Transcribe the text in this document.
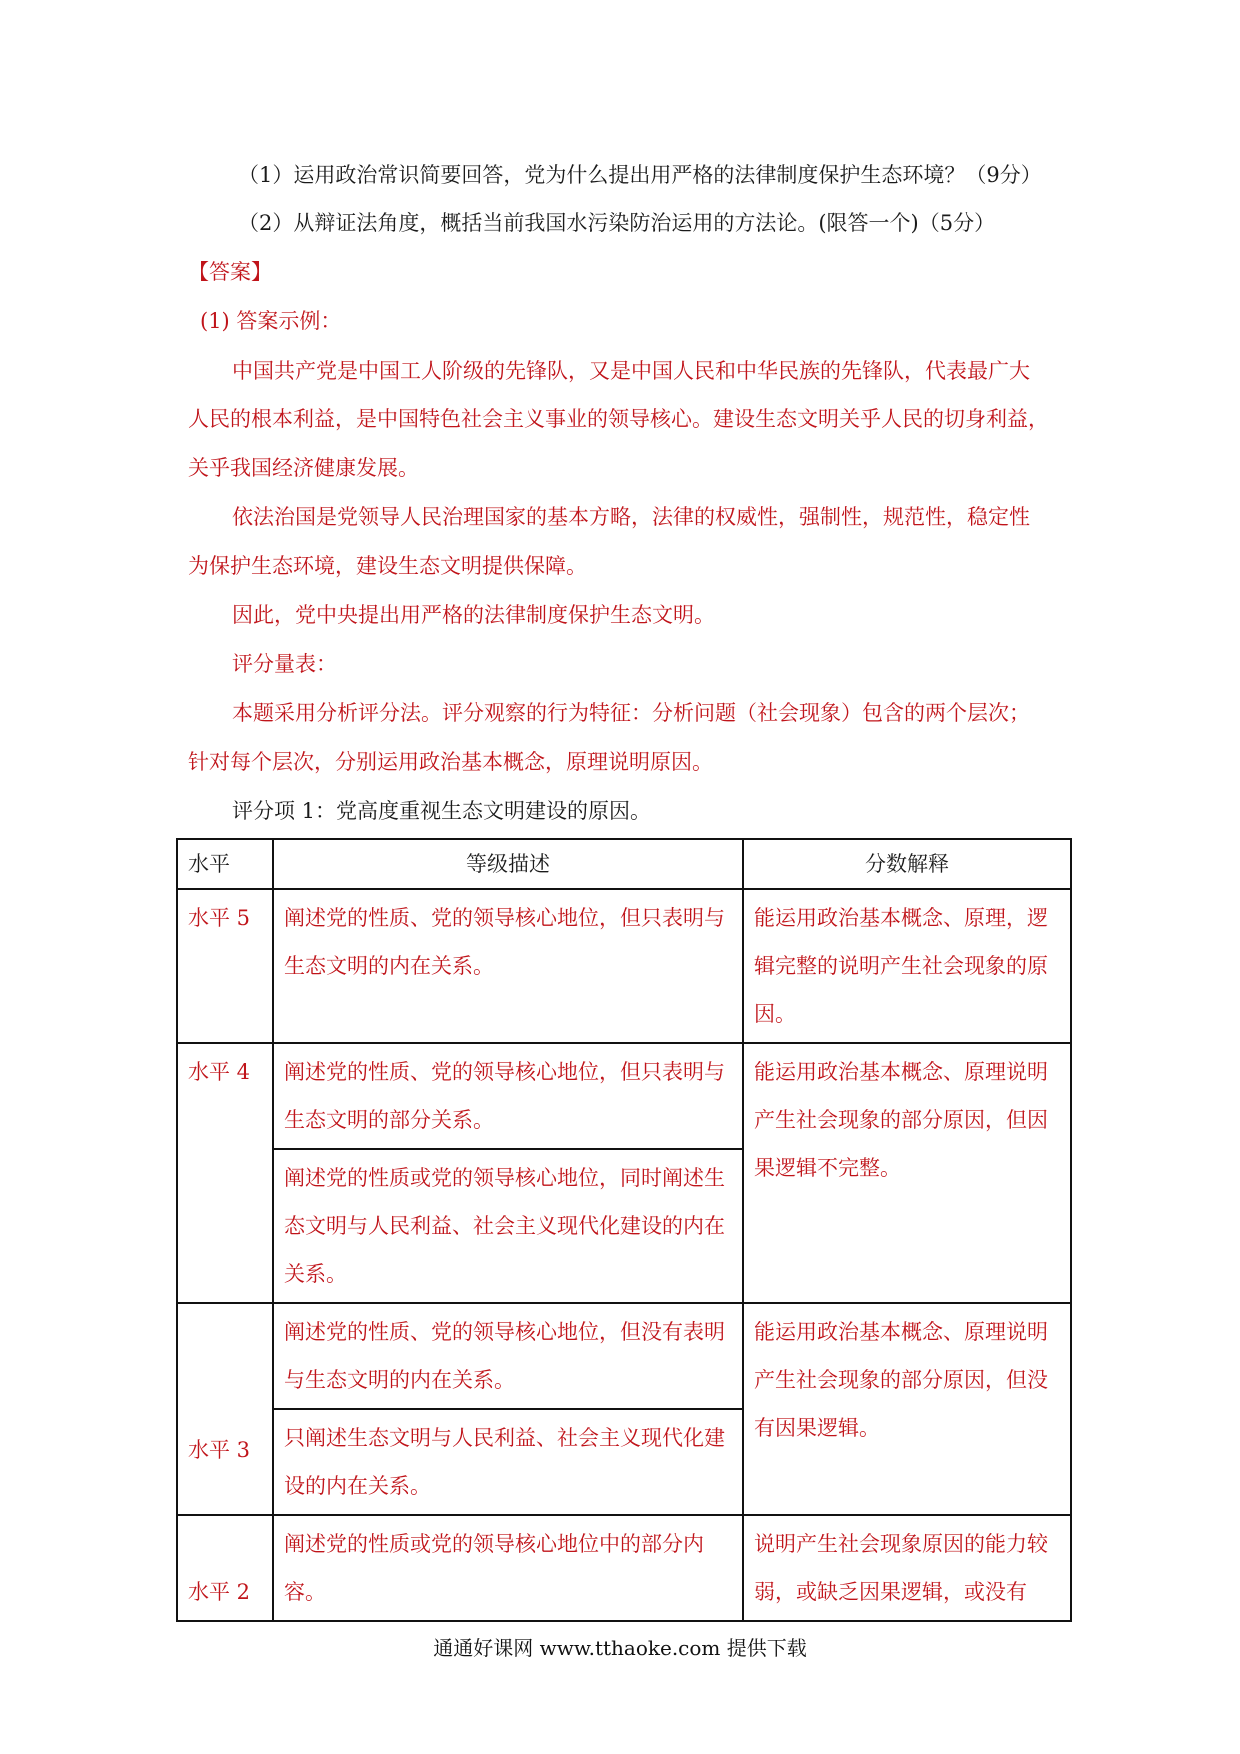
（1）运用政治常识简要回答，党为什么提出用严格的法律制度保护生态环境？（9分）
（2）从辩证法角度，概括当前我国水污染防治运用的方法论。(限答一个)（5分）
【答案】
(1) 答案示例：
中国共产党是中国工人阶级的先锋队，又是中国人民和中华民族的先锋队，代表最广大
人民的根本利益，是中国特色社会主义事业的领导核心。建设生态文明关乎人民的切身利益，
关乎我国经济健康发展。
依法治国是党领导人民治理国家的基本方略，法律的权威性，强制性，规范性，稳定性
为保护生态环境，建设生态文明提供保障。
因此，党中央提出用严格的法律制度保护生态文明。
评分量表：
本题采用分析评分法。评分观察的行为特征：分析问题（社会现象）包含的两个层次；
针对每个层次，分别运用政治基本概念，原理说明原因。
评分项 1：党高度重视生态文明建设的原因。
水平	等级描述	分数解释
水平 5	阐述党的性质、党的领导核心地位，但只表明与生态文明的内在关系。	能运用政治基本概念、原理，逻辑完整的说明产生社会现象的原因。
水平 4	阐述党的性质、党的领导核心地位，但只表明与生态文明的部分关系。	能运用政治基本概念、原理说明产生社会现象的部分原因，但因果逻辑不完整。
	阐述党的性质或党的领导核心地位，同时阐述生态文明与人民利益、社会主义现代化建设的内在关系。	
水平 3	阐述党的性质、党的领导核心地位，但没有表明与生态文明的内在关系。	能运用政治基本概念、原理说明产生社会现象的部分原因，但没有因果逻辑。
	只阐述生态文明与人民利益、社会主义现代化建设的内在关系。	
水平 2	阐述党的性质或党的领导核心地位中的部分内容。	说明产生社会现象原因的能力较弱，或缺乏因果逻辑，或没有
通通好课网 www.tthaoke.com 提供下载
